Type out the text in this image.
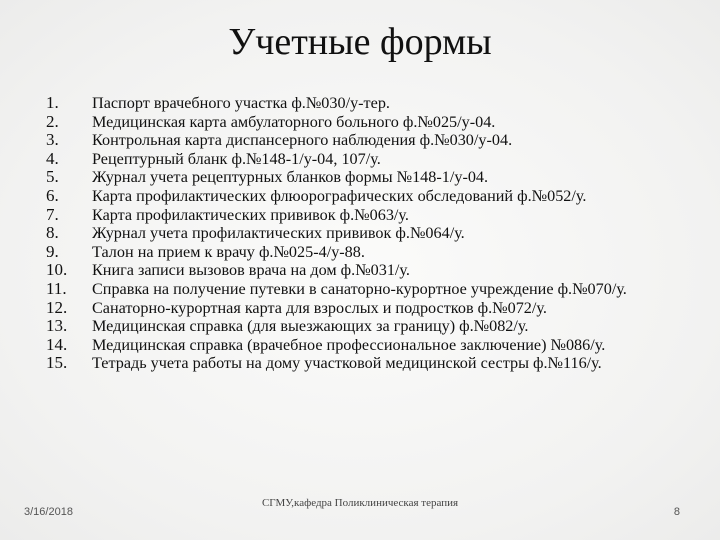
Учетные формы
1.	Паспорт врачебного участка ф.№030/у-тер.
2.	Медицинская карта амбулаторного больного ф.№025/у-04.
3.	Контрольная карта диспансерного наблюдения ф.№030/у-04.
4.	Рецептурный бланк ф.№148-1/у-04, 107/у.
5.	Журнал учета рецептурных бланков формы №148-1/у-04.
6.	Карта профилактических флюорографических обследований ф.№052/у.
7.	Карта профилактических прививок ф.№063/у.
8.	Журнал учета профилактических прививок ф.№064/у.
9.	Талон на прием к врачу ф.№025-4/у-88.
10.	Книга записи вызовов врача на дом ф.№031/у.
11.	Справка на получение путевки в санаторно-курортное учреждение ф.№070/у.
12.	Санаторно-курортная карта для взрослых и подростков ф.№072/у.
13.	Медицинская справка (для выезжающих за границу) ф.№082/у.
14.	Медицинская справка (врачебное профессиональное заключение) №086/у.
15.	Тетрадь учета работы на дому участковой медицинской сестры ф.№116/у.
3/16/2018
СГМУ,кафедра Поликлиническая терапия
8
